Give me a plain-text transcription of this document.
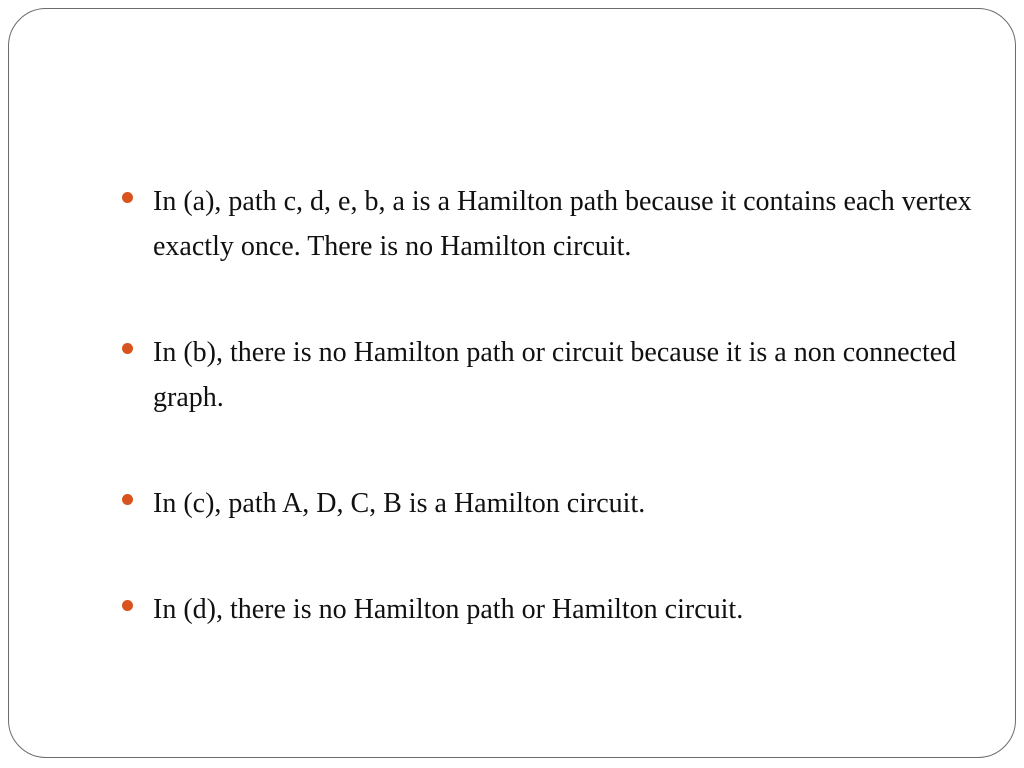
In (a), path c, d, e, b, a is a Hamilton path because it contains each vertex exactly once. There is no Hamilton circuit.
In (b), there is no Hamilton path or circuit because it is a non connected graph.
In (c), path A, D, C, B is a Hamilton circuit.
In (d), there is no Hamilton path or Hamilton circuit.
